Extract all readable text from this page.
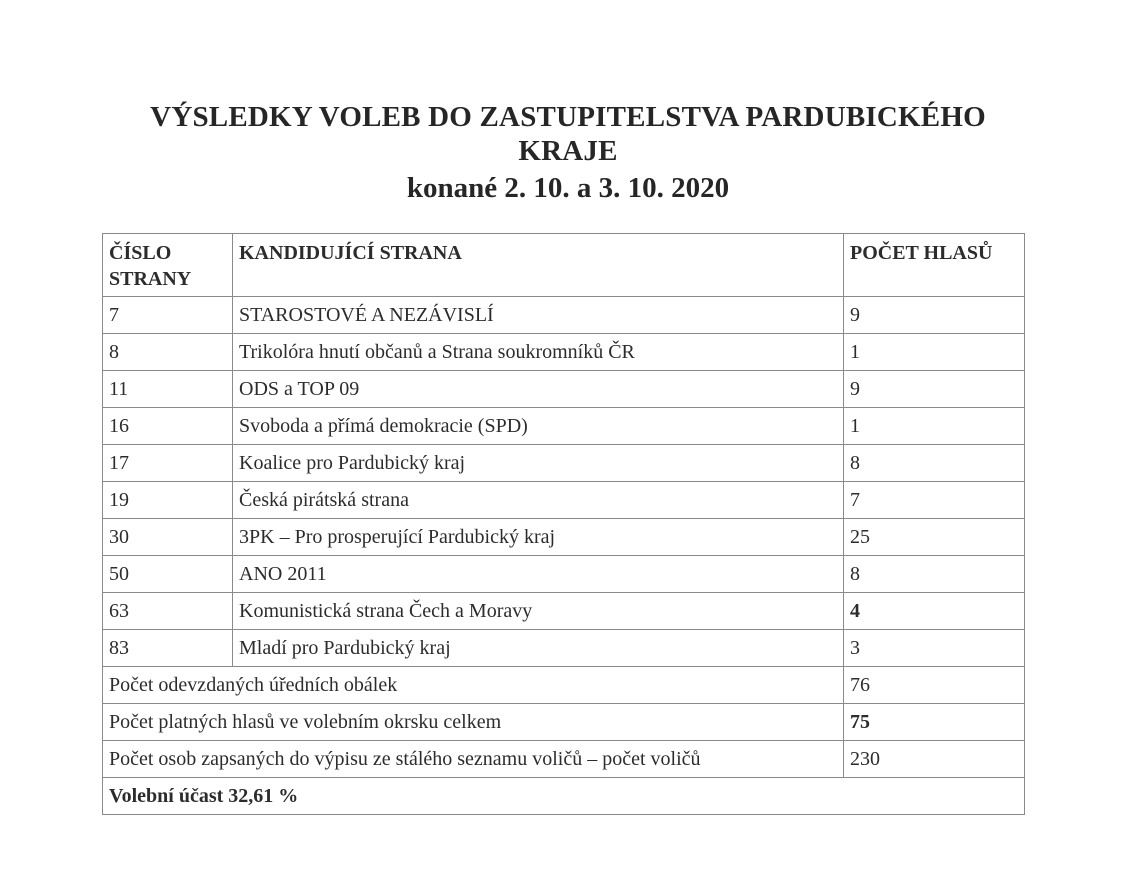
VÝSLEDKY VOLEB DO ZASTUPITELSTVA PARDUBICKÉHO
KRAJE
konané 2. 10. a 3. 10. 2020
ČÍSLO STRANY	KANDIDUJÍCÍ STRANA	POČET HLASŮ
7	STAROSTOVÉ A NEZÁVISLÍ	9
8	Trikolóra hnutí občanů a Strana soukromníků ČR	1
11	ODS a TOP 09	9
16	Svoboda a přímá demokracie (SPD)	1
17	Koalice pro Pardubický kraj	8
19	Česká pirátská strana	7
30	3PK – Pro prosperující Pardubický kraj	25
50	ANO 2011	8
63	Komunistická strana Čech a Moravy	4
83	Mladí pro Pardubický kraj	3
Počet odevzdaných úředních obálek		76
Počet platných hlasů ve volebním okrsku celkem		75
Počet osob zapsaných do výpisu ze stálého seznamu voličů – počet voličů		230
Volební účast 32,61 %		
